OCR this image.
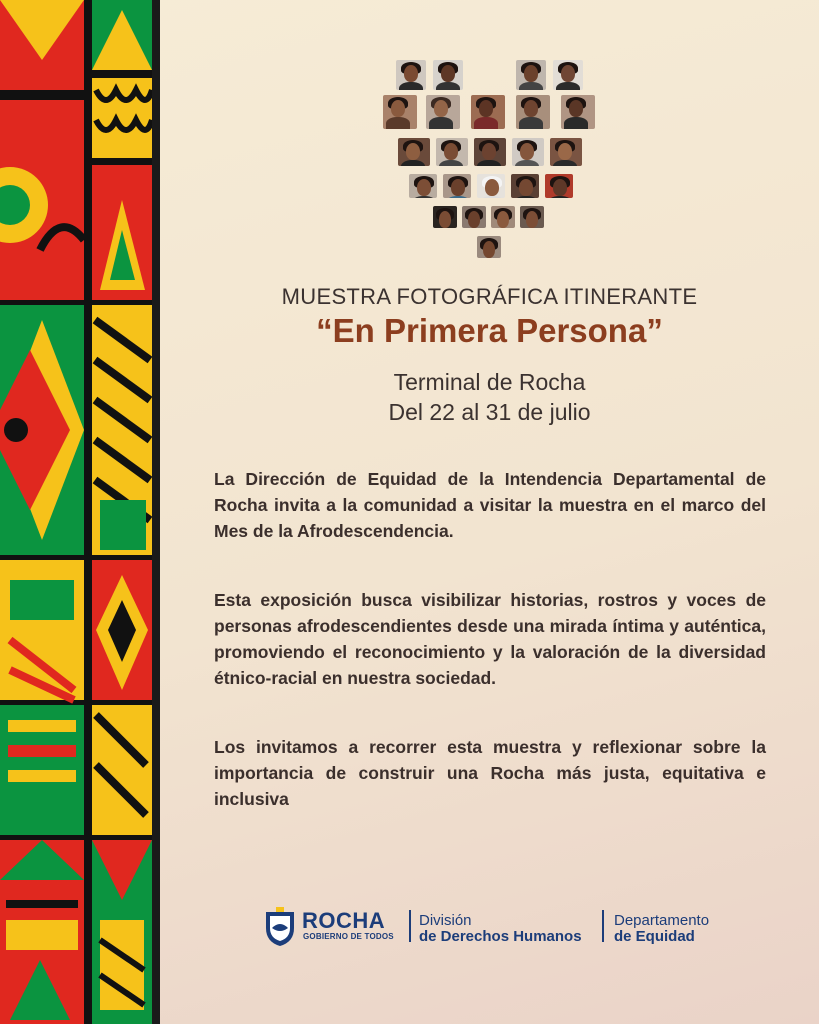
MUESTRA FOTOGRÁFICA ITINERANTE
“En Primera Persona”
Terminal de Rocha
Del 22 al 31 de julio

La Dirección de Equidad de la Intendencia Departamental de Rocha invita a la comunidad a visitar la muestra en el marco del Mes de la Afrodescendencia.

Esta exposición busca visibilizar historias, rostros y voces de personas afrodescendientes desde una mirada íntima y auténtica, promoviendo el reconocimiento y la valoración de la diversidad étnico-racial en nuestra sociedad.

Los invitamos a recorrer esta muestra y reflexionar sobre la importancia de construir una Rocha más justa, equitativa e inclusiva

ROCHA
GOBIERNO DE TODOS
División
de Derechos Humanos
Departamento
de Equidad
